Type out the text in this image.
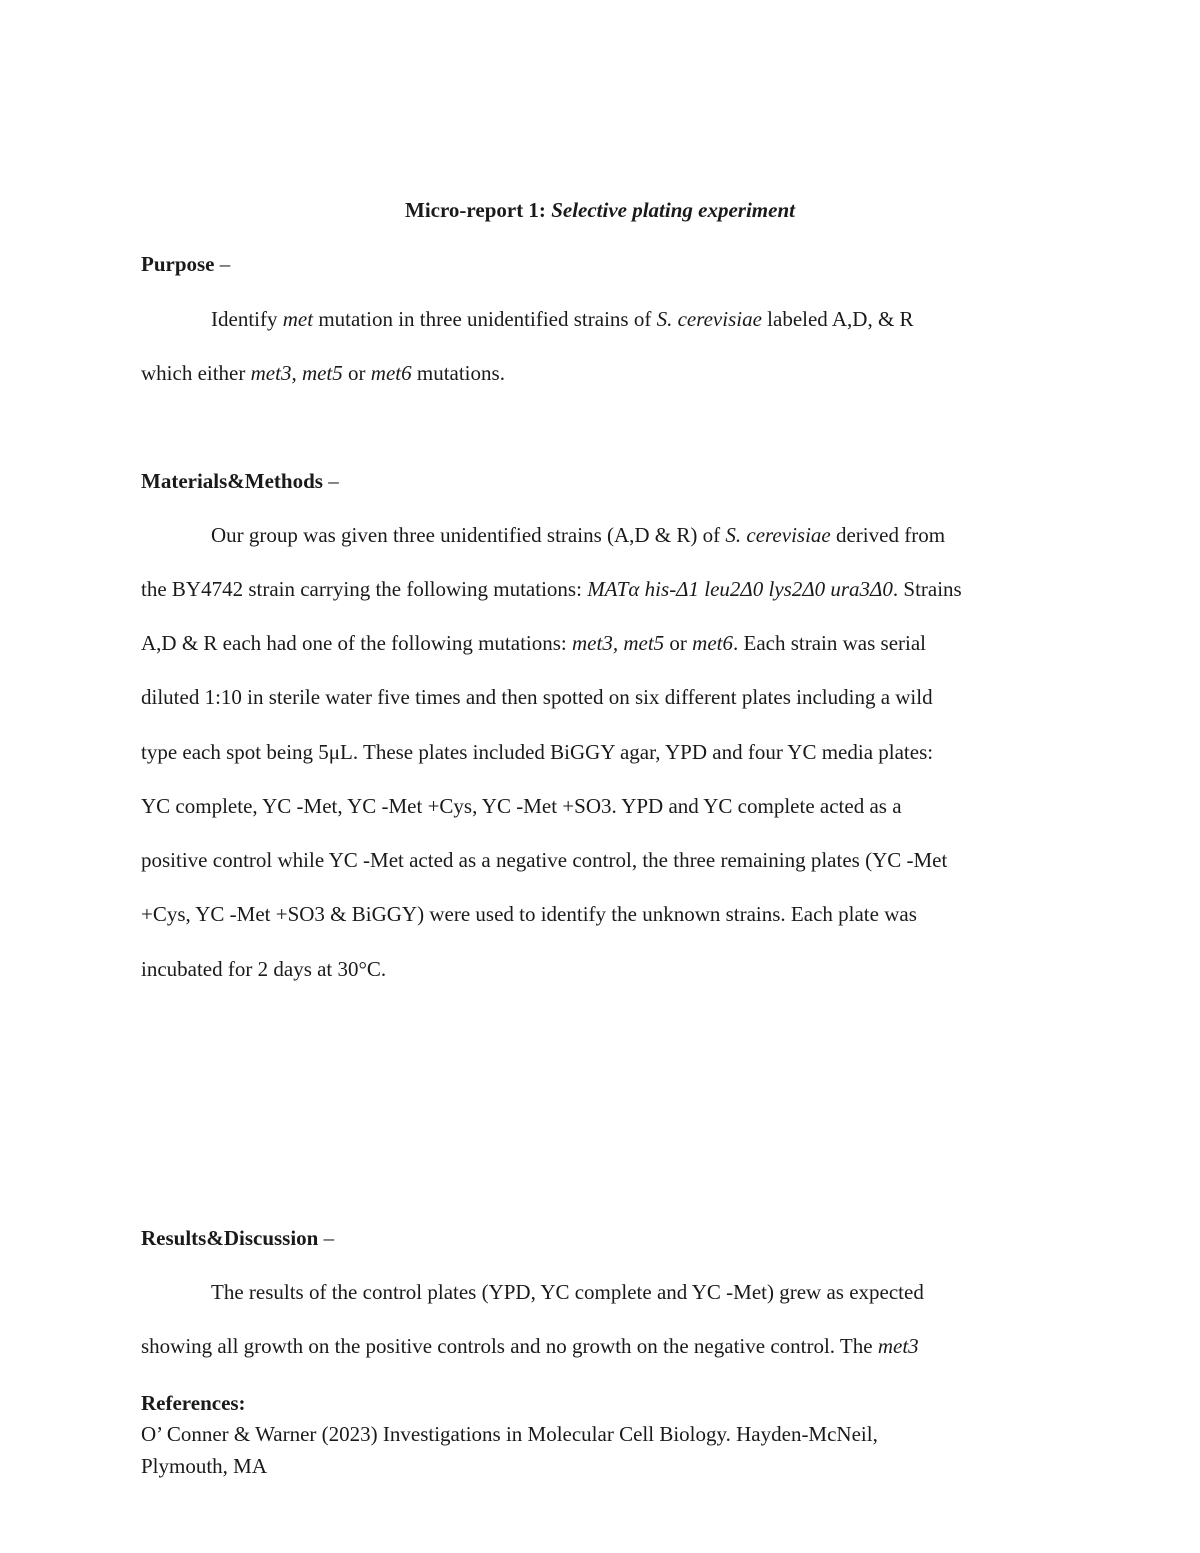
Micro-report 1: Selective plating experiment
Purpose –
Identify met mutation in three unidentified strains of S. cerevisiae labeled A,D, & R
which either met3, met5 or met6 mutations.
Materials&Methods –
Our group was given three unidentified strains (A,D & R) of S. cerevisiae derived from
the BY4742 strain carrying the following mutations: MATα his-Δ1 leu2Δ0 lys2Δ0 ura3Δ0. Strains
A,D & R each had one of the following mutations: met3, met5 or met6. Each strain was serial
diluted 1:10 in sterile water five times and then spotted on six different plates including a wild
type each spot being 5μL. These plates included BiGGY agar, YPD and four YC media plates:
YC complete, YC -Met, YC -Met +Cys, YC -Met +SO3. YPD and YC complete acted as a
positive control while YC -Met acted as a negative control, the three remaining plates (YC -Met
+Cys, YC -Met +SO3 & BiGGY) were used to identify the unknown strains. Each plate was
incubated for 2 days at 30°C.
Results&Discussion –
The results of the control plates (YPD, YC complete and YC -Met) grew as expected
showing all growth on the positive controls and no growth on the negative control. The met3
References:
O’ Conner & Warner (2023) Investigations in Molecular Cell Biology. Hayden-McNeil,
Plymouth, MA
